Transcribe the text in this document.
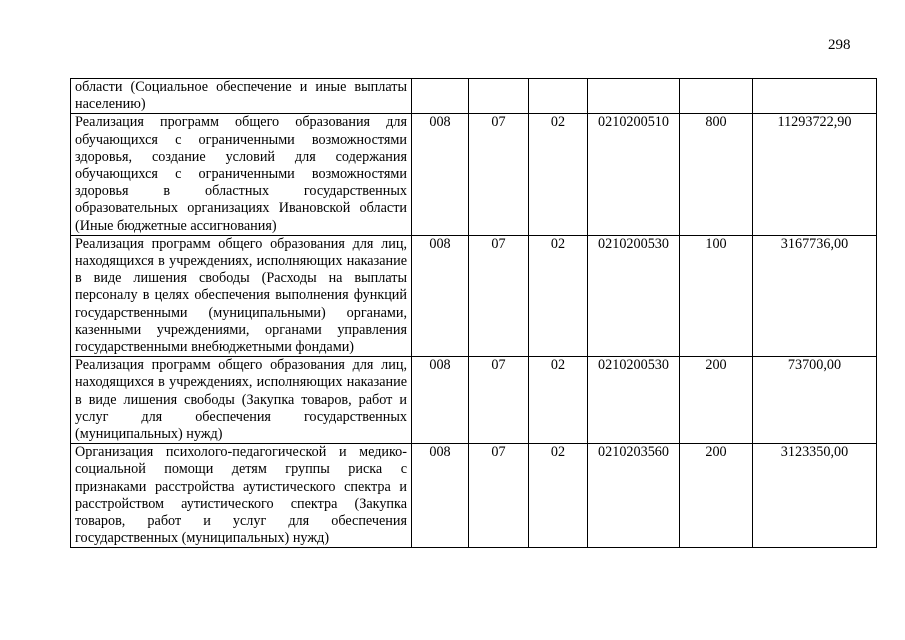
298
области (Социальное обеспечение и иные выплаты населению)						
Реализация программ общего образования для обучающихся с ограниченными возможностями здоровья, создание условий для содержания обучающихся с ограниченными возможностями здоровья в областных государственных образовательных организациях Ивановской области (Иные бюджетные ассигнования)	008	07	02	0210200510	800	11293722,90
Реализация программ общего образования для лиц, находящихся в учреждениях, исполняющих наказание в виде лишения свободы (Расходы на выплаты персоналу в целях обеспечения выполнения функций государственными (муниципальными) органами, казенными учреждениями, органами управления государственными внебюджетными фондами)	008	07	02	0210200530	100	3167736,00
Реализация программ общего образования для лиц, находящихся в учреждениях, исполняющих наказание в виде лишения свободы (Закупка товаров, работ и услуг для обеспечения государственных (муниципальных) нужд)	008	07	02	0210200530	200	73700,00
Организация психолого-педагогической и медико-социальной помощи детям группы риска с признаками расстройства аутистического спектра и расстройством аутистического спектра (Закупка товаров, работ и услуг для обеспечения государственных (муниципальных) нужд)	008	07	02	0210203560	200	3123350,00
